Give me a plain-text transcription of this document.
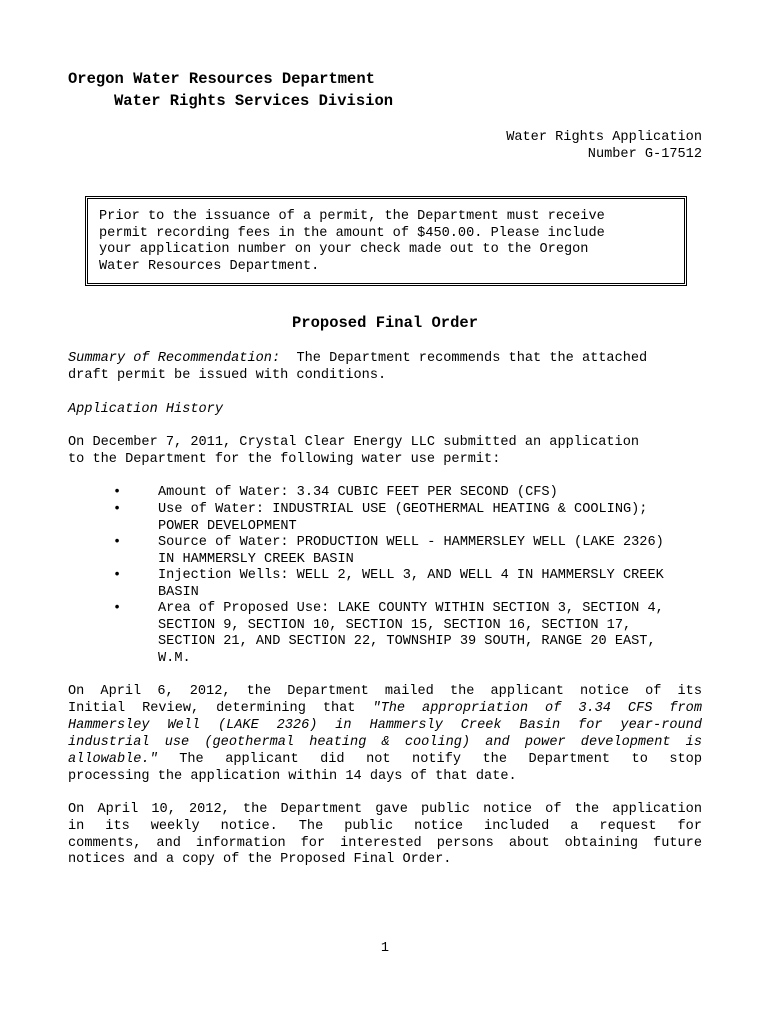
Oregon Water Resources Department
Water Rights Services Division
Water Rights Application
Number G-17512
Prior to the issuance of a permit, the Department must receive
permit recording fees in the amount of $450.00. Please include
your application number on your check made out to the Oregon
Water Resources Department.
Proposed Final Order
Summary of Recommendation: The Department recommends that the attached
draft permit be issued with conditions.
Application History
On December 7, 2011, Crystal Clear Energy LLC submitted an application
to the Department for the following water use permit:
•	Amount of Water: 3.34 CUBIC FEET PER SECOND (CFS)
•	Use of Water: INDUSTRIAL USE (GEOTHERMAL HEATING & COOLING);
POWER DEVELOPMENT
•	Source of Water: PRODUCTION WELL - HAMMERSLEY WELL (LAKE 2326)
IN HAMMERSLY CREEK BASIN
•	Injection Wells: WELL 2, WELL 3, AND WELL 4 IN HAMMERSLY CREEK
BASIN
•	Area of Proposed Use: LAKE COUNTY WITHIN SECTION 3, SECTION 4,
SECTION 9, SECTION 10, SECTION 15, SECTION 16, SECTION 17,
SECTION 21, AND SECTION 22, TOWNSHIP 39 SOUTH, RANGE 20 EAST,
W.M.
On April 6, 2012, the Department mailed the applicant notice of its
Initial Review, determining that "The appropriation of 3.34 CFS from
Hammersley Well (LAKE 2326) in Hammersly Creek Basin for year-round
industrial use (geothermal heating & cooling) and power development is
allowable." The applicant did not notify the Department to stop
processing the application within 14 days of that date.
On April 10, 2012, the Department gave public notice of the application
in its weekly notice. The public notice included a request for
comments, and information for interested persons about obtaining future
notices and a copy of the Proposed Final Order.
1
